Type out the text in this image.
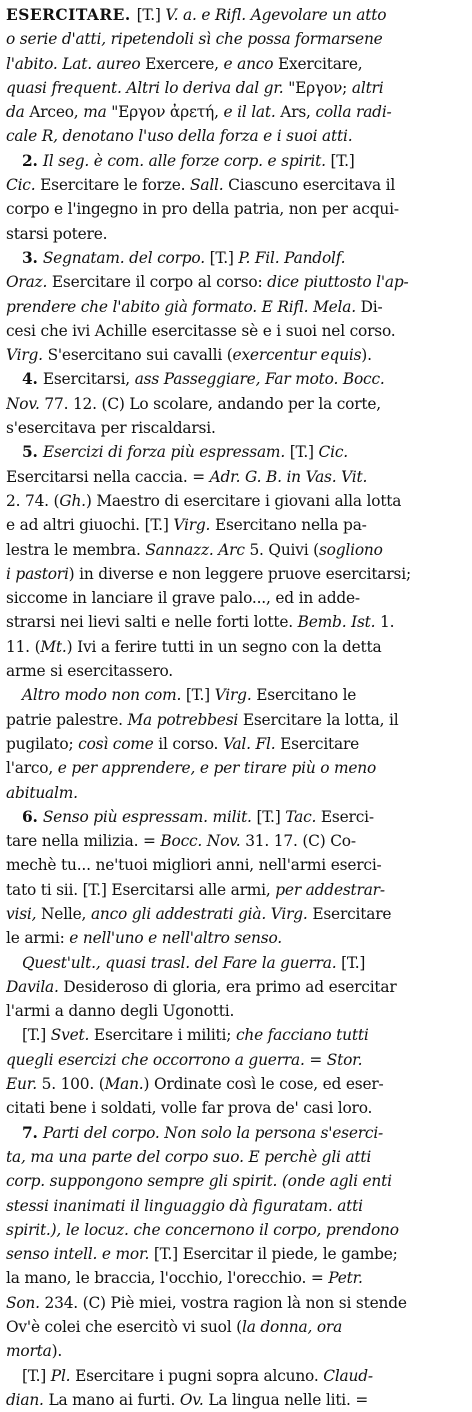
ESERCITARE. [T.] V. a. e Rifl. Agevolare un atto
o serie d'atti, ripetendoli sì che possa formarsene
l'abito. Lat. aureo Exercere, e anco Exercitare,
quasi frequent. Altri lo deriva dal gr. "Εργον; altri
da Arceo, ma "Εργον ἀρετή, e il lat. Ars, colla radi-
cale R, denotano l'uso della forza e i suoi atti.
2. Il seg. è com. alle forze corp. e spirit. [T.]
Cic. Esercitare le forze. Sall. Ciascuno esercitava il
corpo e l'ingegno in pro della patria, non per acqui-
starsi potere.
3. Segnatam. del corpo. [T.] P. Fil. Pandolf.
Oraz. Esercitare il corpo al corso: dice piuttosto l'ap-
prendere che l'abito già formato. E Rifl. Mela. Di-
cesi che ivi Achille esercitasse sè e i suoi nel corso.
Virg. S'esercitano sui cavalli (exercentur equis).
4. Esercitarsi, ass Passeggiare, Far moto. Bocc.
Nov. 77. 12. (C) Lo scolare, andando per la corte,
s'esercitava per riscaldarsi.
5. Esercizi di forza più espressam. [T.] Cic.
Esercitarsi nella caccia. = Adr. G. B. in Vas. Vit.
2. 74. (Gh.) Maestro di esercitare i giovani alla lotta
e ad altri giuochi. [T.] Virg. Esercitano nella pa-
lestra le membra. Sannazz. Arc 5. Quivi (sogliono
i pastori) in diverse e non leggere pruove esercitarsi;
siccome in lanciare il grave palo..., ed in adde-
strarsi nei lievi salti e nelle forti lotte. Bemb. Ist. 1.
11. (Mt.) Ivi a ferire tutti in un segno con la detta
arme si esercitassero.
Altro modo non com. [T.] Virg. Esercitano le
patrie palestre. Ma potrebbesi Esercitare la lotta, il
pugilato; così come il corso. Val. Fl. Esercitare
l'arco, e per apprendere, e per tirare più o meno
abitualm.
6. Senso più espressam. milit. [T.] Tac. Eserci-
tare nella milizia. = Bocc. Nov. 31. 17. (C) Co-
mechè tu... ne'tuoi migliori anni, nell'armi eserci-
tato ti sii. [T.] Esercitarsi alle armi, per addestrar-
visi, Nelle, anco gli addestrati già. Virg. Esercitare
le armi: e nell'uno e nell'altro senso.
Quest'ult., quasi trasl. del Fare la guerra. [T.]
Davila. Desideroso di gloria, era primo ad esercitar
l'armi a danno degli Ugonotti.
[T.] Svet. Esercitare i militi; che facciano tutti
quegli esercizi che occorrono a guerra. = Stor.
Eur. 5. 100. (Man.) Ordinate così le cose, ed eser-
citati bene i soldati, volle far prova de' casi loro.
7. Parti del corpo. Non solo la persona s'eserci-
ta, ma una parte del corpo suo. E perchè gli atti
corp. suppongono sempre gli spirit. (onde agli enti
stessi inanimati il linguaggio dà figuratam. atti
spirit.), le locuz. che concernono il corpo, prendono
senso intell. e mor. [T.] Esercitar il piede, le gambe;
la mano, le braccia, l'occhio, l'orecchio. = Petr.
Son. 234. (C) Piè miei, vostra ragion là non si stende
Ov'è colei che esercitò vi suol (la donna, ora
morta).
[T.] Pl. Esercitare i pugni sopra alcuno. Claud-
dian. La mano ai furti. Ov. La lingua nelle liti. =
